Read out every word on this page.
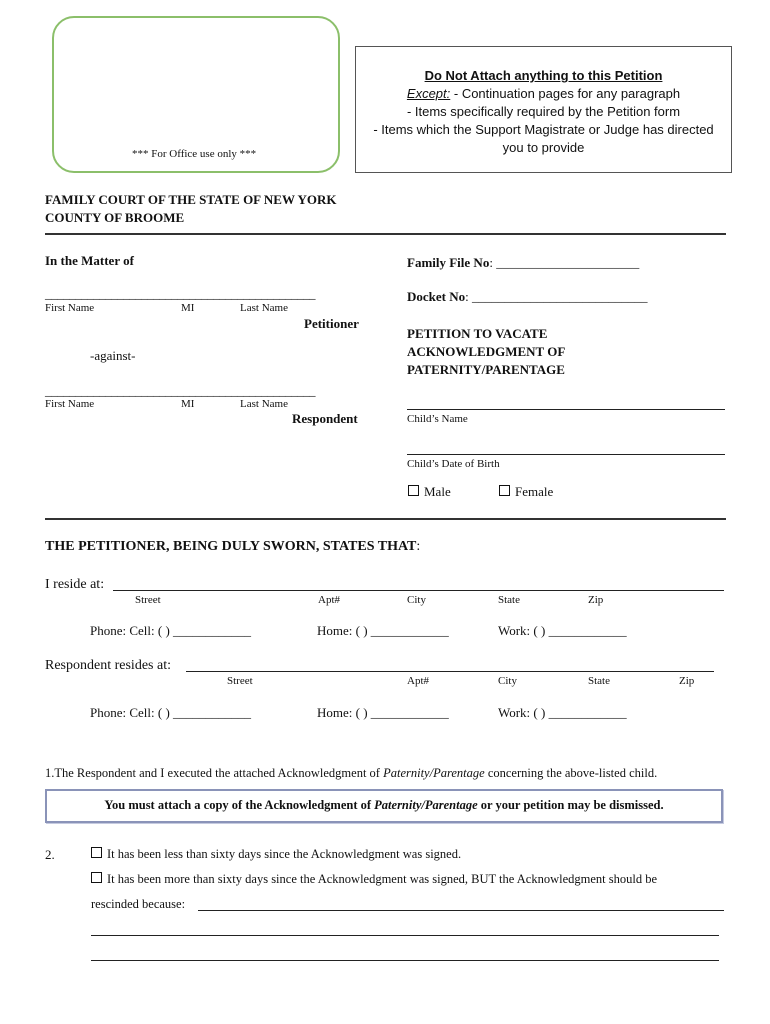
*** For Office use only ***
Do Not Attach anything to this Petition
Except: - Continuation pages for any paragraph
- Items specifically required by the Petition form
- Items which the Support Magistrate or Judge has directed
you to provide
FAMILY COURT OF THE STATE OF NEW YORK
COUNTY OF BROOME
In the Matter of
_____________________________________________
First Name	MI	Last Name
Petitioner
-against-
_____________________________________________
First Name	MI	Last Name
Respondent
Family File No: ______________________
Docket No: ___________________________
PETITION TO VACATE
ACKNOWLEDGMENT OF
PATERNITY/PARENTAGE
Child’s Name
Child’s Date of Birth
Male	Female
THE PETITIONER, BEING DULY SWORN, STATES THAT:
I reside at:
Street	Apt#	City	State	Zip
Phone: Cell: ( ) ____________	Home: ( ) ____________	Work: ( ) ____________
Respondent resides at:
Street	Apt#	City	State	Zip
Phone: Cell: ( ) ____________	Home: ( ) ____________	Work: ( ) ____________
1.The Respondent and I executed the attached Acknowledgment of Paternity/Parentage concerning the above-listed child.
You must attach a copy of the Acknowledgment of Paternity/Parentage or your petition may be dismissed.
2.	It has been less than sixty days since the Acknowledgment was signed.
It has been more than sixty days since the Acknowledgment was signed, BUT the Acknowledgment should be
rescinded because:
